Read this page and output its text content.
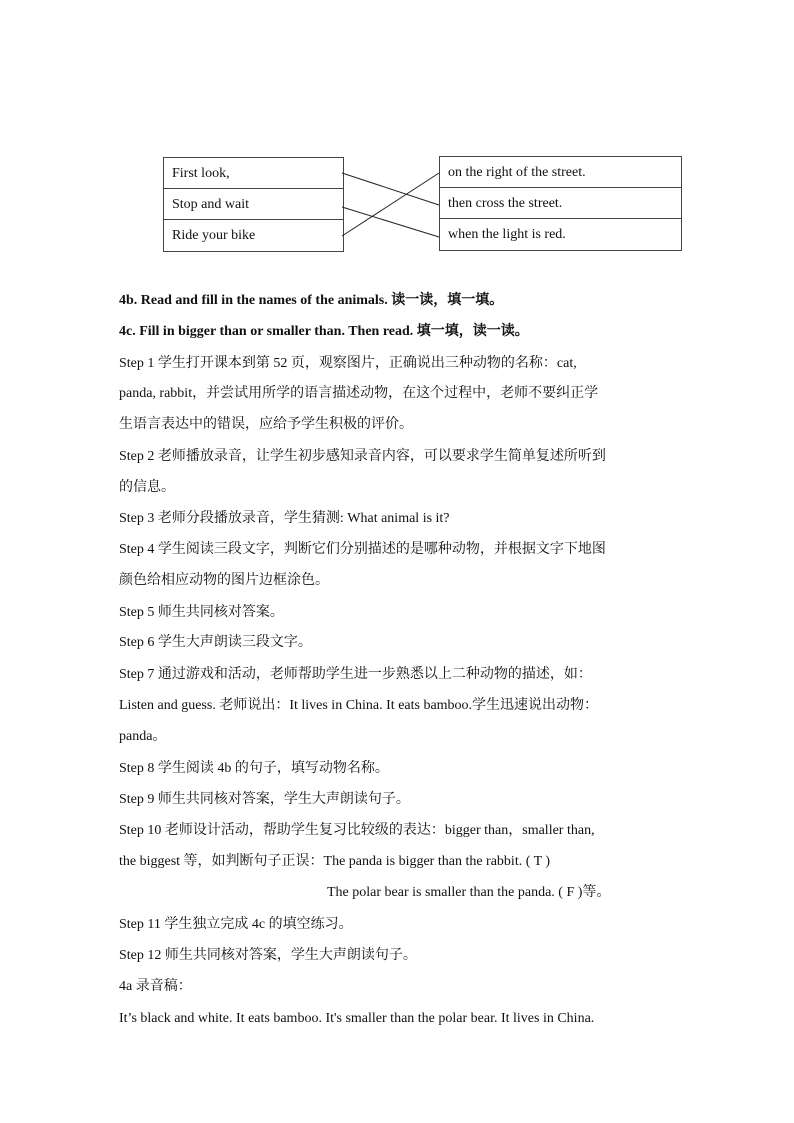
First look,
Stop and wait
Ride your bike
on the right of the street.
then cross the street.
when the light is red.
4b. Read and fill in the names of the animals. 读一读，填一填。
4c. Fill in bigger than or smaller than. Then read. 填一填，读一读。
Step 1 学生打开课本到第 52 页，观察图片，正确说出三种动物的名称：cat,
panda, rabbit，并尝试用所学的语言描述动物，在这个过程中，老师不要纠正学
生语言表达中的错误，应给予学生积极的评价。
Step 2 老师播放录音，让学生初步感知录音内容，可以要求学生简单复述所听到
的信息。
Step 3 老师分段播放录音，学生猜测: What animal is it?
Step 4 学生阅读三段文字，判断它们分别描述的是哪种动物，并根据文字下地图
颜色给相应动物的图片边框涂色。
Step 5 师生共同核对答案。
Step 6 学生大声朗读三段文字。
Step 7 通过游戏和活动，老师帮助学生进一步熟悉以上二种动物的描述，如：
Listen and guess. 老师说出：It lives in China. It eats bamboo.学生迅速说出动物：
panda。
Step 8 学生阅读 4b 的句子，填写动物名称。
Step 9 师生共同核对答案，学生大声朗读句子。
Step 10 老师设计活动，帮助学生复习比较级的表达：bigger than，smaller than,
the biggest 等，如判断句子正误：The panda is bigger than the rabbit. ( T )
The polar bear is smaller than the panda. ( F )等。
Step 11 学生独立完成 4c 的填空练习。
Step 12 师生共同核对答案，学生大声朗读句子。
4a 录音稿：
It’s black and white. It eats bamboo. It's smaller than the polar bear. It lives in China.
